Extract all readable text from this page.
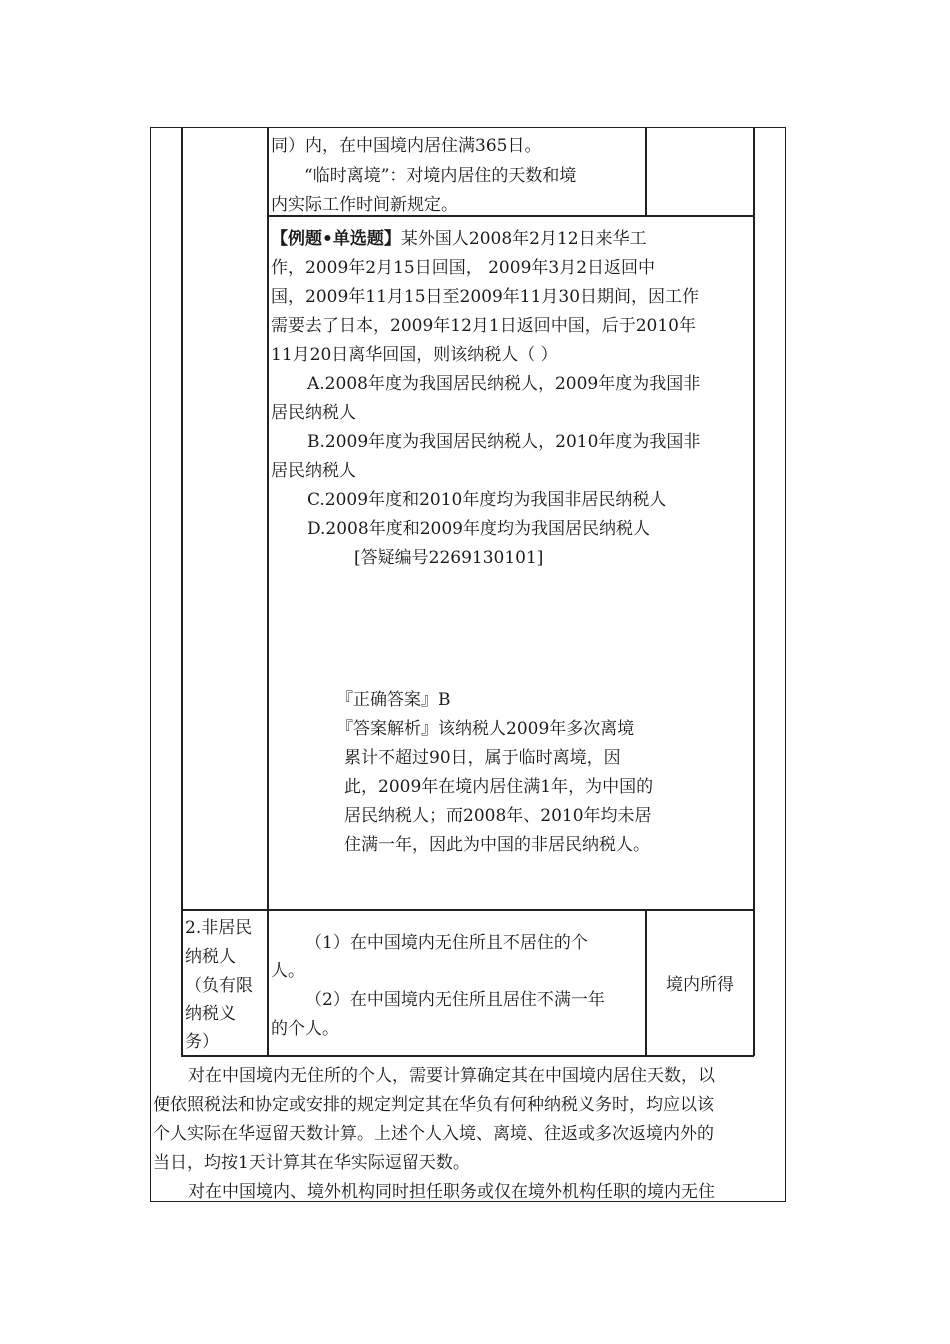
同）内，在中国境内居住满365日。
“临时离境”：对境内居住的天数和境
内实际工作时间新规定。
【例题•单选题】某外国人2008年2月12日来华工
作，2009年2月15日回国， 2009年3月2日返回中
国，2009年11月15日至2009年11月30日期间，因工作
需要去了日本，2009年12月1日返回中国，后于2010年
11月20日离华回国，则该纳税人（ ）
A.2008年度为我国居民纳税人，2009年度为我国非
居民纳税人
B.2009年度为我国居民纳税人，2010年度为我国非
居民纳税人
C.2009年度和2010年度均为我国非居民纳税人
D.2008年度和2009年度均为我国居民纳税人
[答疑编号2269130101]
『正确答案』B
『答案解析』该纳税人2009年多次离境
累计不超过90日，属于临时离境，因
此，2009年在境内居住满1年，为中国的
居民纳税人；而2008年、2010年均未居
住满一年，因此为中国的非居民纳税人。
2.非居民
纳税人
（负有限
纳税义
务）
（1）在中国境内无住所且不居住的个
人。
（2）在中国境内无住所且居住不满一年
的个人。
境内所得
对在中国境内无住所的个人，需要计算确定其在中国境内居住天数，以
便依照税法和协定或安排的规定判定其在华负有何种纳税义务时，均应以该
个人实际在华逗留天数计算。上述个人入境、离境、往返或多次返境内外的
当日，均按1天计算其在华实际逗留天数。
对在中国境内、境外机构同时担任职务或仅在境外机构任职的境内无住
